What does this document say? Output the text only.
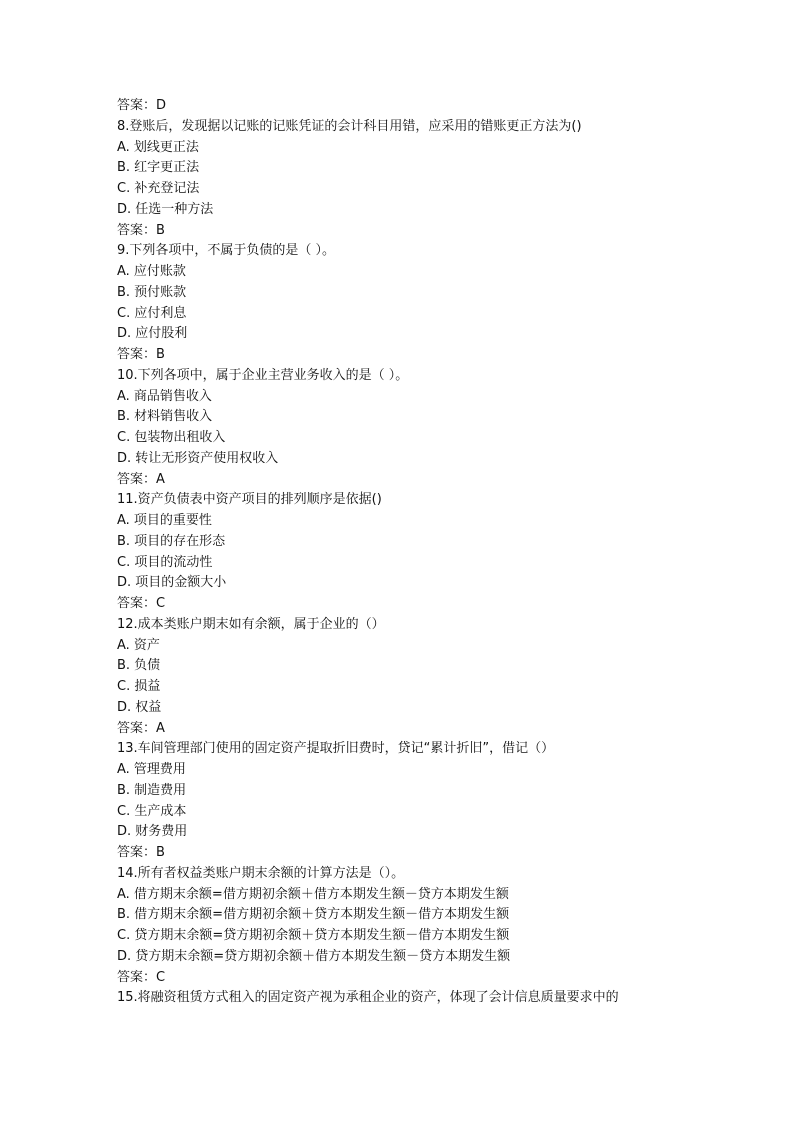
答案：D
8.登账后，发现据以记账的记账凭证的会计科目用错，应采用的错账更正方法为()
A. 划线更正法
B. 红字更正法
C. 补充登记法
D. 任选一种方法
答案：B
9.下列各项中，不属于负债的是（ ）。
A. 应付账款
B. 预付账款
C. 应付利息
D. 应付股利
答案：B
10.下列各项中，属于企业主营业务收入的是（ ）。
A. 商品销售收入
B. 材料销售收入
C. 包装物出租收入
D. 转让无形资产使用权收入
答案：A
11.资产负债表中资产项目的排列顺序是依据()
A. 项目的重要性
B. 项目的存在形态
C. 项目的流动性
D. 项目的金额大小
答案：C
12.成本类账户期末如有余额，属于企业的（）
A. 资产
B. 负债
C. 损益
D. 权益
答案：A
13.车间管理部门使用的固定资产提取折旧费时，贷记“累计折旧”，借记（）
A. 管理费用
B. 制造费用
C. 生产成本
D. 财务费用
答案：B
14.所有者权益类账户期末余额的计算方法是（）。
A. 借方期末余额=借方期初余额＋借方本期发生额－贷方本期发生额
B. 借方期末余额=借方期初余额＋贷方本期发生额－借方本期发生额
C. 贷方期末余额=贷方期初余额＋贷方本期发生额－借方本期发生额
D. 贷方期末余额=贷方期初余额＋借方本期发生额－贷方本期发生额
答案：C
15.将融资租赁方式租入的固定资产视为承租企业的资产，体现了会计信息质量要求中的
